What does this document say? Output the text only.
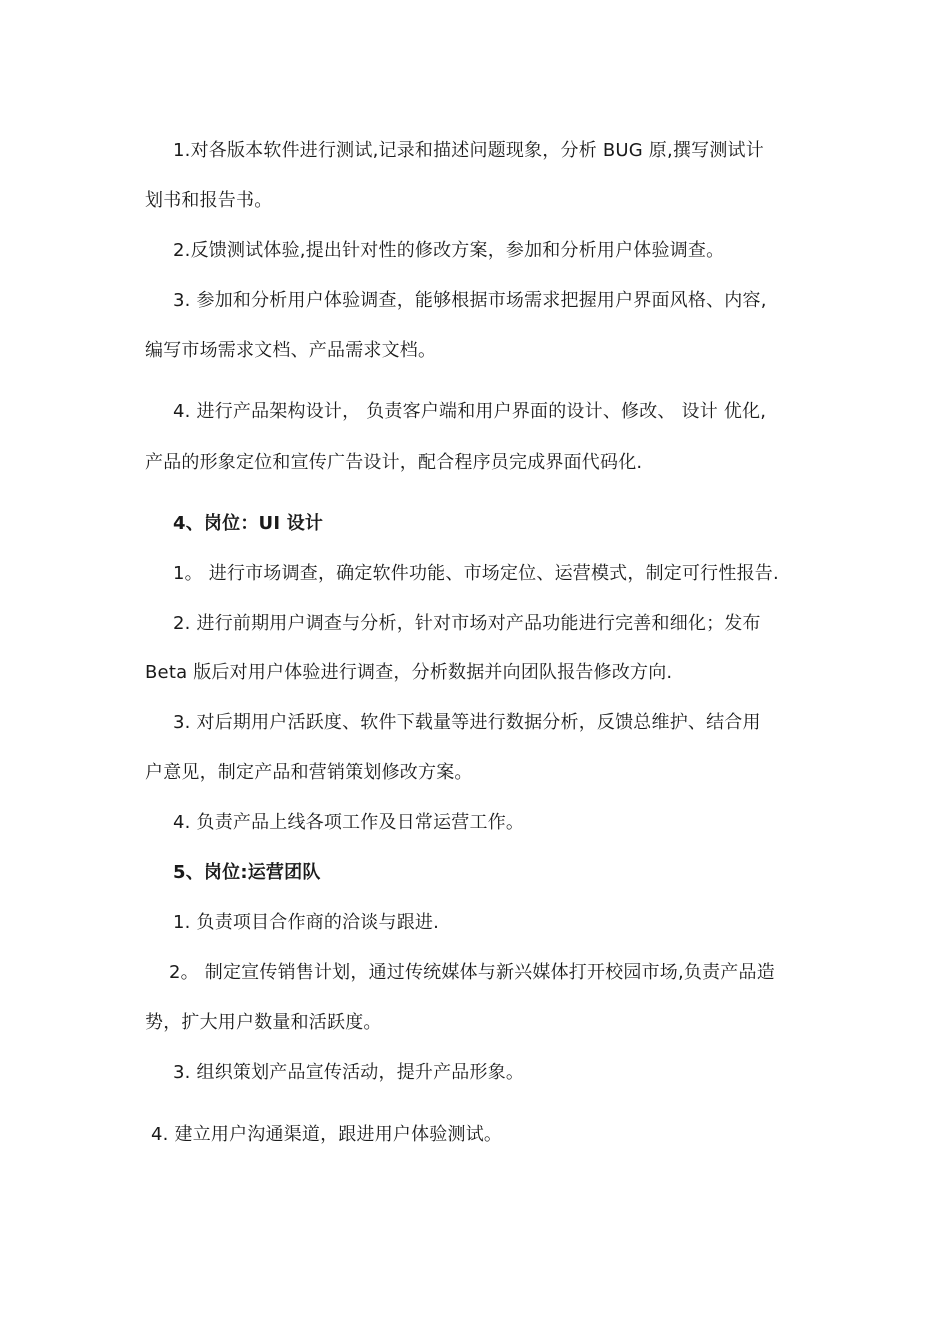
1.对各版本软件进行测试,记录和描述问题现象，分析 BUG 原,撰写测试计
划书和报告书。
2.反馈测试体验,提出针对性的修改方案，参加和分析用户体验调查。
3. 参加和分析用户体验调查，能够根据市场需求把握用户界面风格、内容,
编写市场需求文档、产品需求文档。
4. 进行产品架构设计， 负责客户端和用户界面的设计、修改、 设计 优化,
产品的形象定位和宣传广告设计，配合程序员完成界面代码化.
4、岗位：UI 设计
1。 进行市场调查，确定软件功能、市场定位、运营模式，制定可行性报告.
2. 进行前期用户调查与分析，针对市场对产品功能进行完善和细化；发布
Beta 版后对用户体验进行调查，分析数据并向团队报告修改方向.
3. 对后期用户活跃度、软件下载量等进行数据分析，反馈总维护、结合用
户意见，制定产品和营销策划修改方案。
4. 负责产品上线各项工作及日常运营工作。
5、岗位:运营团队
1. 负责项目合作商的洽谈与跟进.
2。 制定宣传销售计划，通过传统媒体与新兴媒体打开校园市场,负责产品造
势，扩大用户数量和活跃度。
3. 组织策划产品宣传活动，提升产品形象。
4. 建立用户沟通渠道，跟进用户体验测试。
